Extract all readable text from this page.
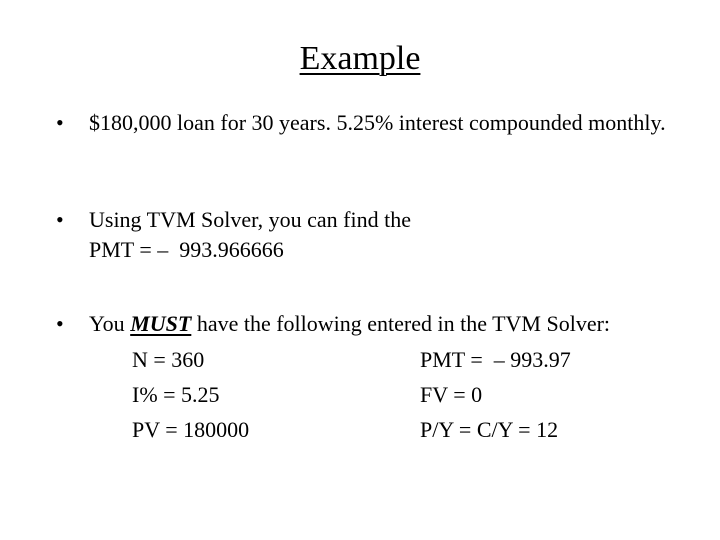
Example
•	$180,000 loan for 30 years. 5.25% interest compounded monthly.
•	Using TVM Solver, you can find the
PMT = –  993.966666
•	You MUST have the following entered in the TVM Solver:
N = 360	PMT =  – 993.97
I% = 5.25	FV = 0
PV = 180000	P/Y = C/Y = 12
